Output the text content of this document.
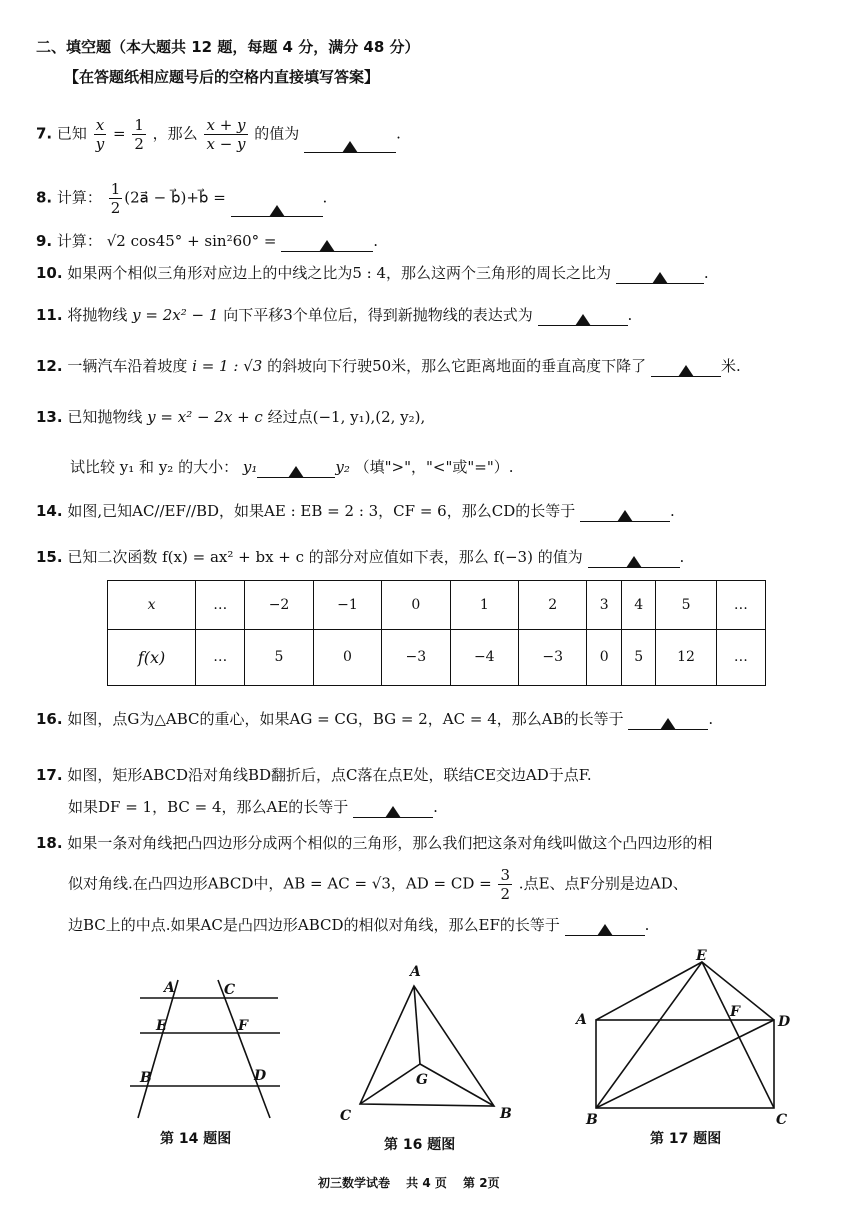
二、填空题（本大题共 12 题，每题 4 分，满分 48 分）
【在答题纸相应题号后的空格内直接填写答案】
7. 已知 $\frac{x}{y} = \frac{1}{2}$ ，那么 $\frac{x + y}{x - y}$ 的值为	.
8. 计算： $\frac{1}{2}$ (2a⃗ − b⃗)+b⃗ =	.
9. 计算： √2 cos45° + sin²60° =	.
10. 如果两个相似三角形对应边上的中线之比为5 : 4，那么这两个三角形的周长之比为	.
11. 将抛物线 y = 2x² − 1 向下平移3个单位后，得到新抛物线的表达式为	.
12. 一辆汽车沿着坡度 i = 1 : √3 的斜坡向下行驶50米，那么它距离地面的垂直高度下降了	米.
13. 已知抛物线 y = x² − 2x + c 经过点(−1, y₁),(2, y₂),
试比较 y₁ 和 y₂ 的大小： y₁	y₂ （填">"，"<"或"="）.
14. 如图,已知AC//EF//BD，如果AE : EB = 2 : 3，CF = 6，那么CD的长等于	.
15. 已知二次函数 f(x) = ax² + bx + c 的部分对应值如下表，那么 f(−3) 的值为	.
x	…	−2	−1	0	1	2	3	4	5	…
f(x)	…	5	0	−3	−4	−3	0	5	12	…
16. 如图，点G为△ABC的重心，如果AG = CG，BG = 2，AC = 4，那么AB的长等于	.
17. 如图，矩形ABCD沿对角线BD翻折后，点C落在点E处，联结CE交边AD于点F.
如果DF = 1，BC = 4，那么AE的长等于	.
18. 如果一条对角线把凸四边形分成两个相似的三角形，那么我们把这条对角线叫做这个凸四边形的相
似对角线.在凸四边形ABCD中，AB = AC = √3，AD = CD = $\frac{3}{2}$ .点E、点F分别是边AD、
边BC上的中点.如果AC是凸四边形ABCD的相似对角线，那么EF的长等于	.
A	C
E	F
B	D
第 14 题图
A
G
C	B
第 16 题图
E
A	F
D
B	C
第 17 题图
初三数学试卷　 共 4 页　 第 2页
